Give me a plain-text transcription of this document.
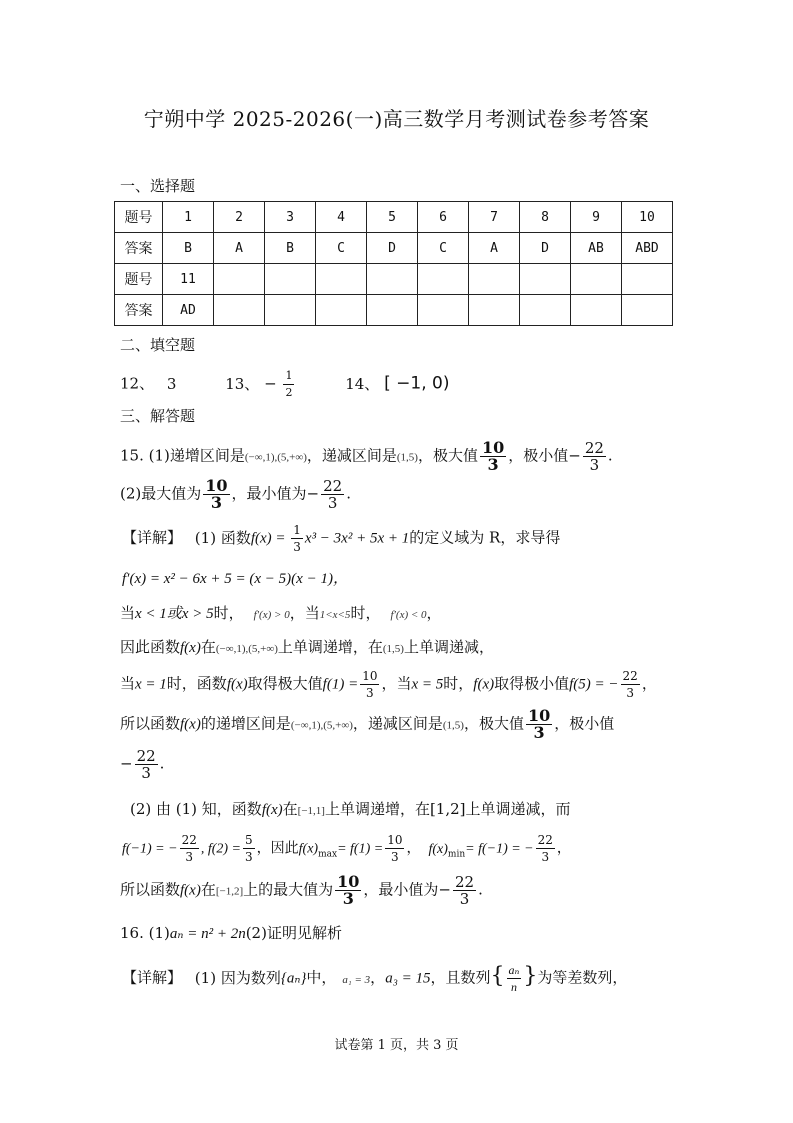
宁朔中学 2025-2026(一)高三数学月考测试卷参考答案
一、选择题
题号	1	2	3	4	5	6	7	8	9	10
答案	B	A	B	C	D	C	A	D	AB	ABD
题号	11									
答案	AD									
二、填空题
12、 3	13、 − $\frac{1}{2}$	14、 [ −1, 0)
三、解答题
15. (1)递增区间是(−∞,1),(5,+∞)，递减区间是(1,5)，极大值 $\frac{10}{3}$ ，极小值− $\frac{22}{3}$ .
(2)最大值为 $\frac{10}{3}$ ，最小值为− $\frac{22}{3}$ .
【详解】 (1) 函数$f(x) = \frac{1}{3} x^3 - 3x^2 + 5x + 1$的定义域为 R，求导得
f′(x) = x² − 6x + 5 = (x − 5)(x − 1)，
当x < 1或x > 5时， f′(x) > 0，当1<x<5时， f′(x) < 0，
因此函数f(x)在(−∞,1),(5,+∞)上单调递增，在(1,5)上单调递减，
当x = 1时，函数f(x)取得极大值$f(1) = \frac{10}{3}$ ，当x = 5时，f(x)取得极小值f(5) = − $\frac{22}{3}$ ，
所以函数f(x)的递增区间是(−∞,1),(5,+∞)，递减区间是(1,5)，极大值 $\frac{10}{3}$ ，极小值
− $\frac{22}{3}$ .
(2) 由 (1) 知，函数f(x)在[−1,1]上单调递增，在[1,2]上单调递减，而
f(−1) = − $\frac{22}{3}$ , $f(2) = \frac{5}{3}$ ，因此$f(x)_{max}= f(1) = \frac{10}{3}$ ， $f(x)_{min}= f(-1)$ = − $\frac{22}{3}$ ，
所以函数f(x)在[−1,2]上的最大值为 $\frac{10}{3}$ ，最小值为− $\frac{22}{3}$ .
16. (1)aₙ = n² + 2n(2)证明见解析
【详解】 (1) 因为数列{aₙ}中， a₁ = 3，a₃ = 15，且数列{ $\frac{\text{aₙ}}{n}$ }为等差数列，
试卷第 1 页，共 3 页
